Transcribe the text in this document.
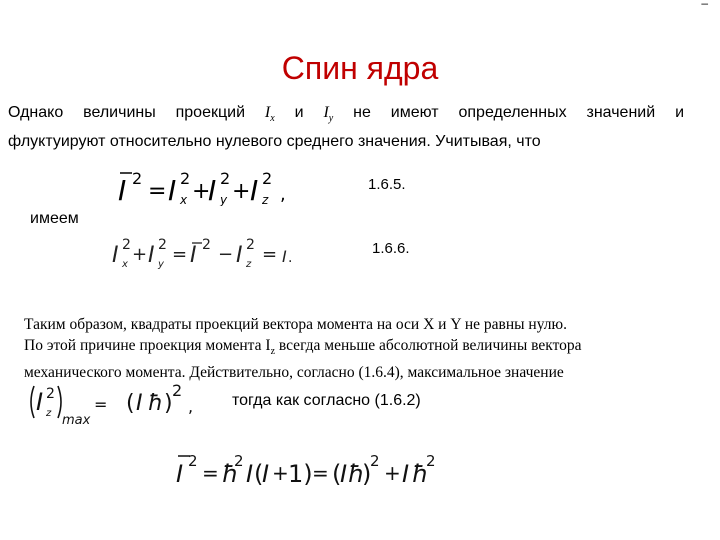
–
Спин ядра
Однако величины проекций $I_x$ и $I_y$ не имеют определенных значений и
флуктуируют относительно нулевого среднего значения. Учитывая, что
I 2
= I 2
x +
I 2
y + I 2
z ,	1.6.5.
имеем
I 2
x + I 2
y = I 2 − I 2
z = I .
1.6.6.
Таким образом, квадраты проекций вектора момента на оси X и Y не равны нулю.
По этой причине проекция момента $I_z$ всегда меньше абсолютной величины вектора
механического момента. Действительно, согласно (1.6.4), максимальное значение
I 2
z max
= ( I ħ )
2
, тогда как согласно (1.6.2)
I 2 = ħ
2 I (
I + 1) = (
I ħ
)
2 + I ħ
2
